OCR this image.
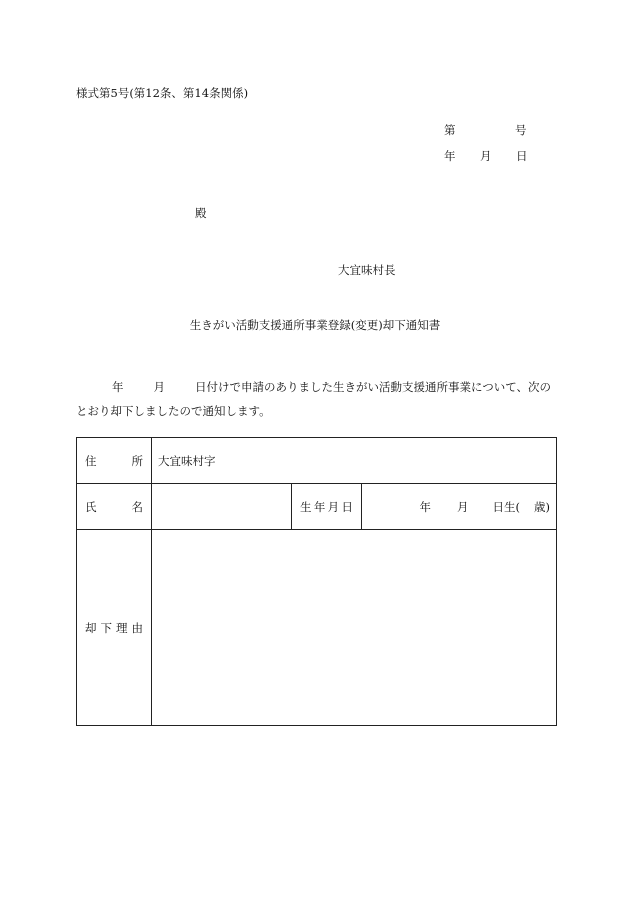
様式第5号(第12条、第14条関係)
第	号
年 月 日
殿
大宜味村長
生きがい活動支援通所事業登録(変更)却下通知書
年	月	日付けで申請のありました生きがい活動支援通所事業について、次の
とおり却下しましたので通知します。
住 所	大宜味村字		

氏 名		生 年 月 日	年 月 日生( 歳)

却 下 理 由			
